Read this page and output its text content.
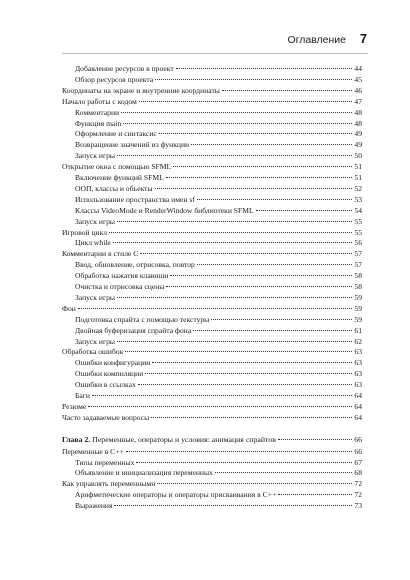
Оглавление 7
Добавление ресурсов в проект	44
Обзор ресурсов проекта	45
Координаты на экране и внутренние координаты	46
Начало работы с кодом	47
Комментарии	48
Функция main	48
Оформление и синтаксис	49
Возвращение значений из функции	49
Запуск игры	50
Открытие окна с помощью SFML	51
Включение функций SFML	51
ООП, классы и объекты	52
Использование пространства имен sf	53
Классы VideoMode и RenderWindow библиотеки SFML	54
Запуск игры	55
Игровой цикл	55
Цикл while	56
Комментарии в стиле С	57
Ввод, обновление, отрисовка, повтор	57
Обработка нажатия клавиши	58
Очистка и отрисовка сцены	58
Запуск игры	59
Фон	59
Подготовка спрайта с помощью текстуры	59
Двойная буферизация спрайта фона	61
Запуск игры	62
Обработка ошибок	63
Ошибки конфигурации	63
Ошибки компиляции	63
Ошибки в ссылках	63
Баги	64
Резюме	64
Часто задаваемые вопросы	64
Глава 2. Переменные, операторы и условия: анимация спрайтов	66
Переменные в C++	66
Типы переменных	67
Объявление и инициализация переменных	68
Как управлять переменными	72
Арифметические операторы и операторы присваивания в C++	72
Выражения	73
